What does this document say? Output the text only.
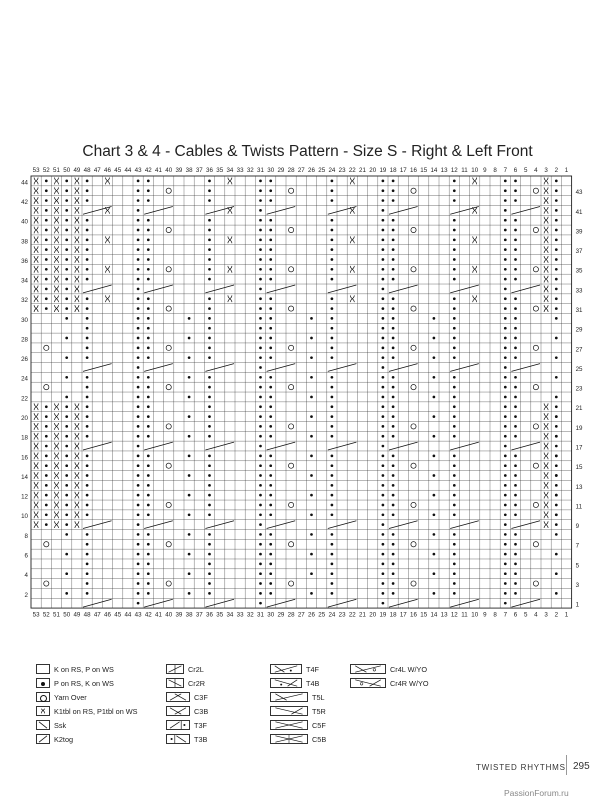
Chart 3 & 4 - Cables & Twists Pattern - Size S - Right & Left Front
53
53
52
52
51
51
50
50
49
49
48
48
47
47
46
46
45
45
44
44
43
43
42
42
41
41
40
40
39
39
38
38
37
37
36
36
35
35
34
34
33
33
32
32
31
31
30
30
29
29
28
28
27
27
26
26
25
25
24
24
23
23
22
22
21
21
20
20
19
19
18
18
17
17
16
16
15
15
14
14
13
13
12
12
11
11
10
10
9
9
8
8
7
7
6
6
5
5
4
4
3
3
2
2
1
1
44
42
40
38
36
34
32
30
28
26
24
22
20
18
16
14
12
10
8
6
4
2
43
41
39
37
35
33
31
29
27
25
23
21
19
17
15
13
11
9
7
5
3
1
K on RS, P on WS
P on RS, K on WS
Yarn Over
K1tbl on RS, P1tbl on WS
Ssk
K2tog
Cr2L
Cr2R
C3F
C3B
T3F
T3B
T4F
T4B
T5L
T5R
C5F
C5B
Cr4L W/YO
Cr4R W/YO
TWISTED RHYTHMS 295
PassionForum.ru
